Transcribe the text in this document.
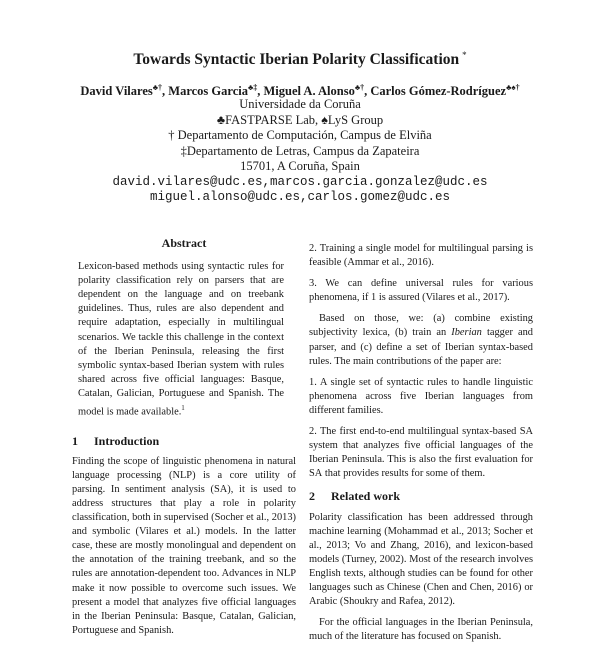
Towards Syntactic Iberian Polarity Classification *
David Vilares♣†, Marcos Garcia♣‡, Miguel A. Alonso♣†, Carlos Gómez-Rodríguez♣♠†
Universidade da Coruña
♣FASTPARSE Lab, ♠LyS Group
† Departamento de Computación, Campus de Elviña
‡Departamento de Letras, Campus da Zapateira
15701, A Coruña, Spain
david.vilares@udc.es,marcos.garcia.gonzalez@udc.es
miguel.alonso@udc.es,carlos.gomez@udc.es
Abstract
Lexicon-based methods using syntactic rules for polarity classification rely on parsers that are dependent on the language and on treebank guidelines. Thus, rules are also dependent and require adaptation, especially in multilingual scenarios. We tackle this challenge in the context of the Iberian Peninsula, releasing the first symbolic syntax-based Iberian system with rules shared across five official languages: Basque, Catalan, Galician, Portuguese and Spanish. The model is made available.$^1$
1 Introduction

Finding the scope of linguistic phenomena in natural language processing (NLP) is a core utility of parsing. In sentiment analysis (SA), it is used to address structures that play a role in polarity classification, both in supervised (Socher et al., 2013) and symbolic (Vilares et al.) models. In the latter case, these are mostly monolingual and dependent on the annotation of the training treebank, and so the rules are annotation-dependent too. Advances in NLP make it now possible to overcome such issues. We present a model that analyzes five official languages in the Iberian Peninsula: Basque, Catalan, Galician, Portuguese and Spanish.

2. Training a single model for multilingual parsing is feasible (Ammar et al., 2016).

3. We can define universal rules for various phenomena, if 1 is assured (Vilares et al., 2017).

Based on those, we: (a) combine existing subjectivity lexica, (b) train an Iberian tagger and parser, and (c) define a set of Iberian syntax-based rules. The main contributions of the paper are:

1. A single set of syntactic rules to handle linguistic phenomena across five Iberian languages from different families.

2. The first end-to-end multilingual syntax-based SA system that analyzes five official languages of the Iberian Peninsula. This is also the first evaluation for SA that provides results for some of them.

2 Related work

Polarity classification has been addressed through machine learning (Mohammad et al., 2013; Socher et al., 2013; Vo and Zhang, 2016), and lexicon-based models (Turney, 2002). Most of the research involves English texts, although studies can be found for other languages such as Chinese (Chen and Chen, 2016) or Arabic (Shoukry and Rafea, 2012).

For the official languages in the Iberian Peninsula, much of the literature has focused on Spanish.
